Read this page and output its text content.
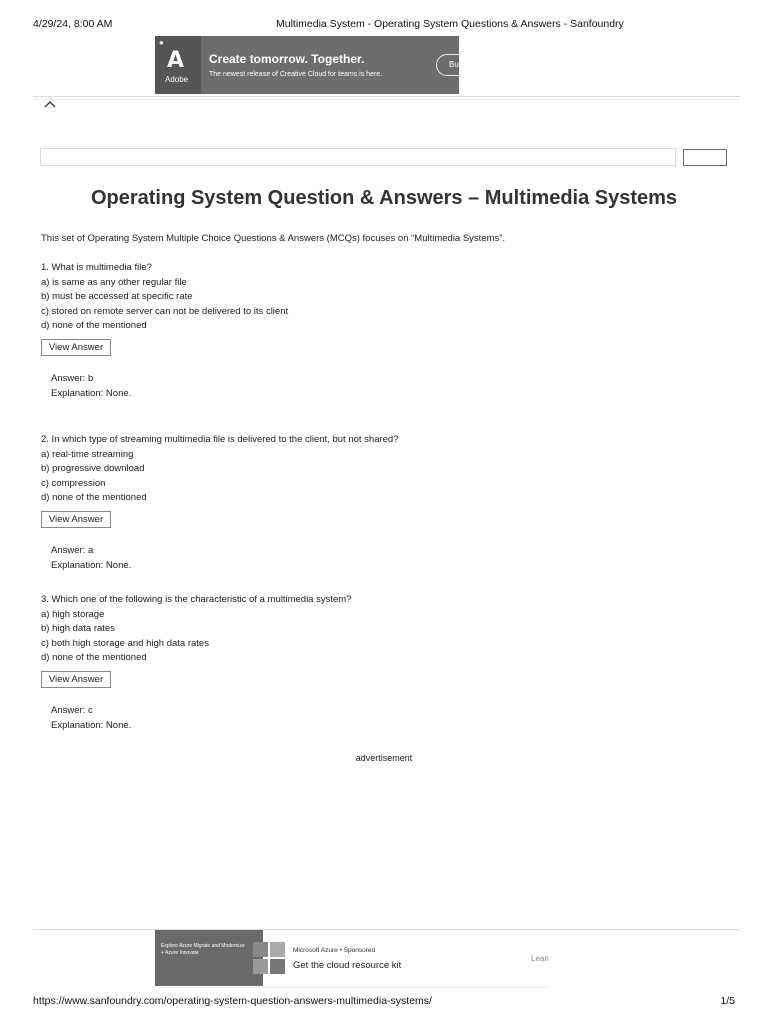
4/29/24, 8:00 AM	Multimedia System - Operating System Questions & Answers - Sanfoundry
●
A
Adobe
Create tomorrow. Together.
The newest release of Creative Cloud for teams is here.
Bu
Operating System Question & Answers – Multimedia Systems
This set of Operating System Multiple Choice Questions & Answers (MCQs) focuses on “Multimedia Systems”.
1. What is multimedia file?
a) is same as any other regular file
b) must be accessed at specific rate
c) stored on remote server can not be delivered to its client
d) none of the mentioned
View Answer
Answer: b
Explanation: None.
2. In which type of streaming multimedia file is delivered to the client, but not shared?
a) real-time streaming
b) progressive download
c) compression
d) none of the mentioned
View Answer
Answer: a
Explanation: None.
3. Which one of the following is the characteristic of a multimedia system?
a) high storage
b) high data rates
c) both high storage and high data rates
d) none of the mentioned
View Answer
Answer: c
Explanation: None.
advertisement
Explore Azure Migrate and Modernize
+ Azure Innovate	Microsoft Azure • Sponsored
Get the cloud resource kit
Lean
https://www.sanfoundry.com/operating-system-question-answers-multimedia-systems/	1/5
